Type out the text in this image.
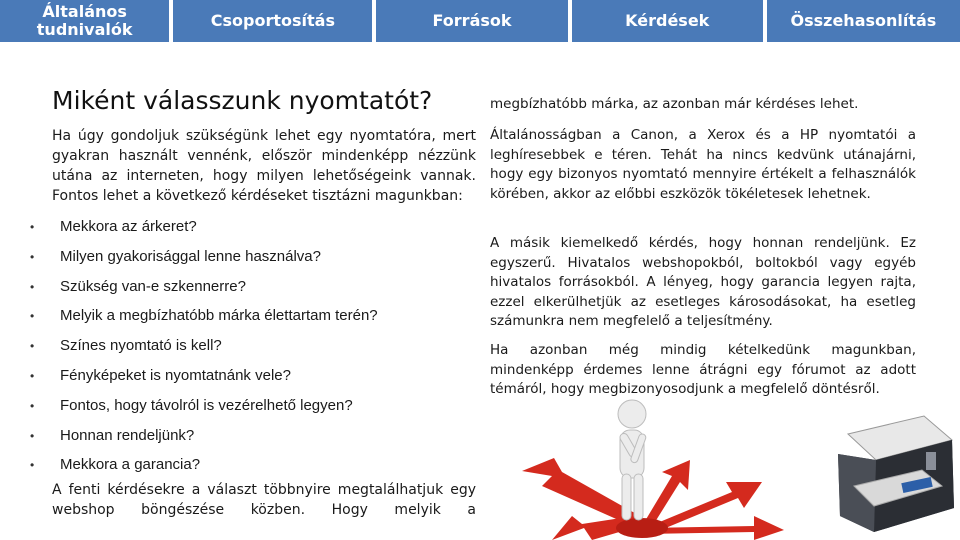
Általános tudnivalók	Csoportosítás	Források	Kérdések	Összehasonlítás
Miként válasszunk nyomtatót?

Ha úgy gondoljuk szükségünk lehet egy nyomtatóra, mert gyakran használt vennénk, először mindenképp nézzünk utána az interneten, hogy milyen lehetőségeink vannak. Fontos lehet a következő kérdéseket tisztázni magunkban:

• Mekkora az árkeret?
• Milyen gyakorisággal lenne használva?
• Szükség van-e szkennerre?
• Melyik a megbízhatóbb márka élettartam terén?
• Színes nyomtató is kell?
• Fényképeket is nyomtatnánk vele?
• Fontos, hogy távolról is vezérelhető legyen?
• Honnan rendeljünk?
• Mekkora a garancia?

A fenti kérdésekre a választ többnyire megtalálhatjuk egy webshop böngészése közben. Hogy melyik a

megbízhatóbb márka, az azonban már kérdéses lehet.

Általánosságban a Canon, a Xerox és a HP nyomtatói a leghíresebbek e téren. Tehát ha nincs kedvünk utánajárni, hogy egy bizonyos nyomtató mennyire értékelt a felhasználók körében, akkor az előbbi eszközök tökéletesek lehetnek.

A másik kiemelkedő kérdés, hogy honnan rendeljünk. Ez egyszerű. Hivatalos webshopokból, boltokból vagy egyéb hivatalos forrásokból. A lényeg, hogy garancia legyen rajta, ezzel elkerülhetjük az esetleges károsodásokat, ha esetleg számunkra nem megfelelő a teljesítmény.

Ha azonban még mindig kételkedünk magunkban, mindenképp érdemes lenne átrágni egy fórumot az adott témáról, hogy megbizonyosodjunk a megfelelő döntésről.
